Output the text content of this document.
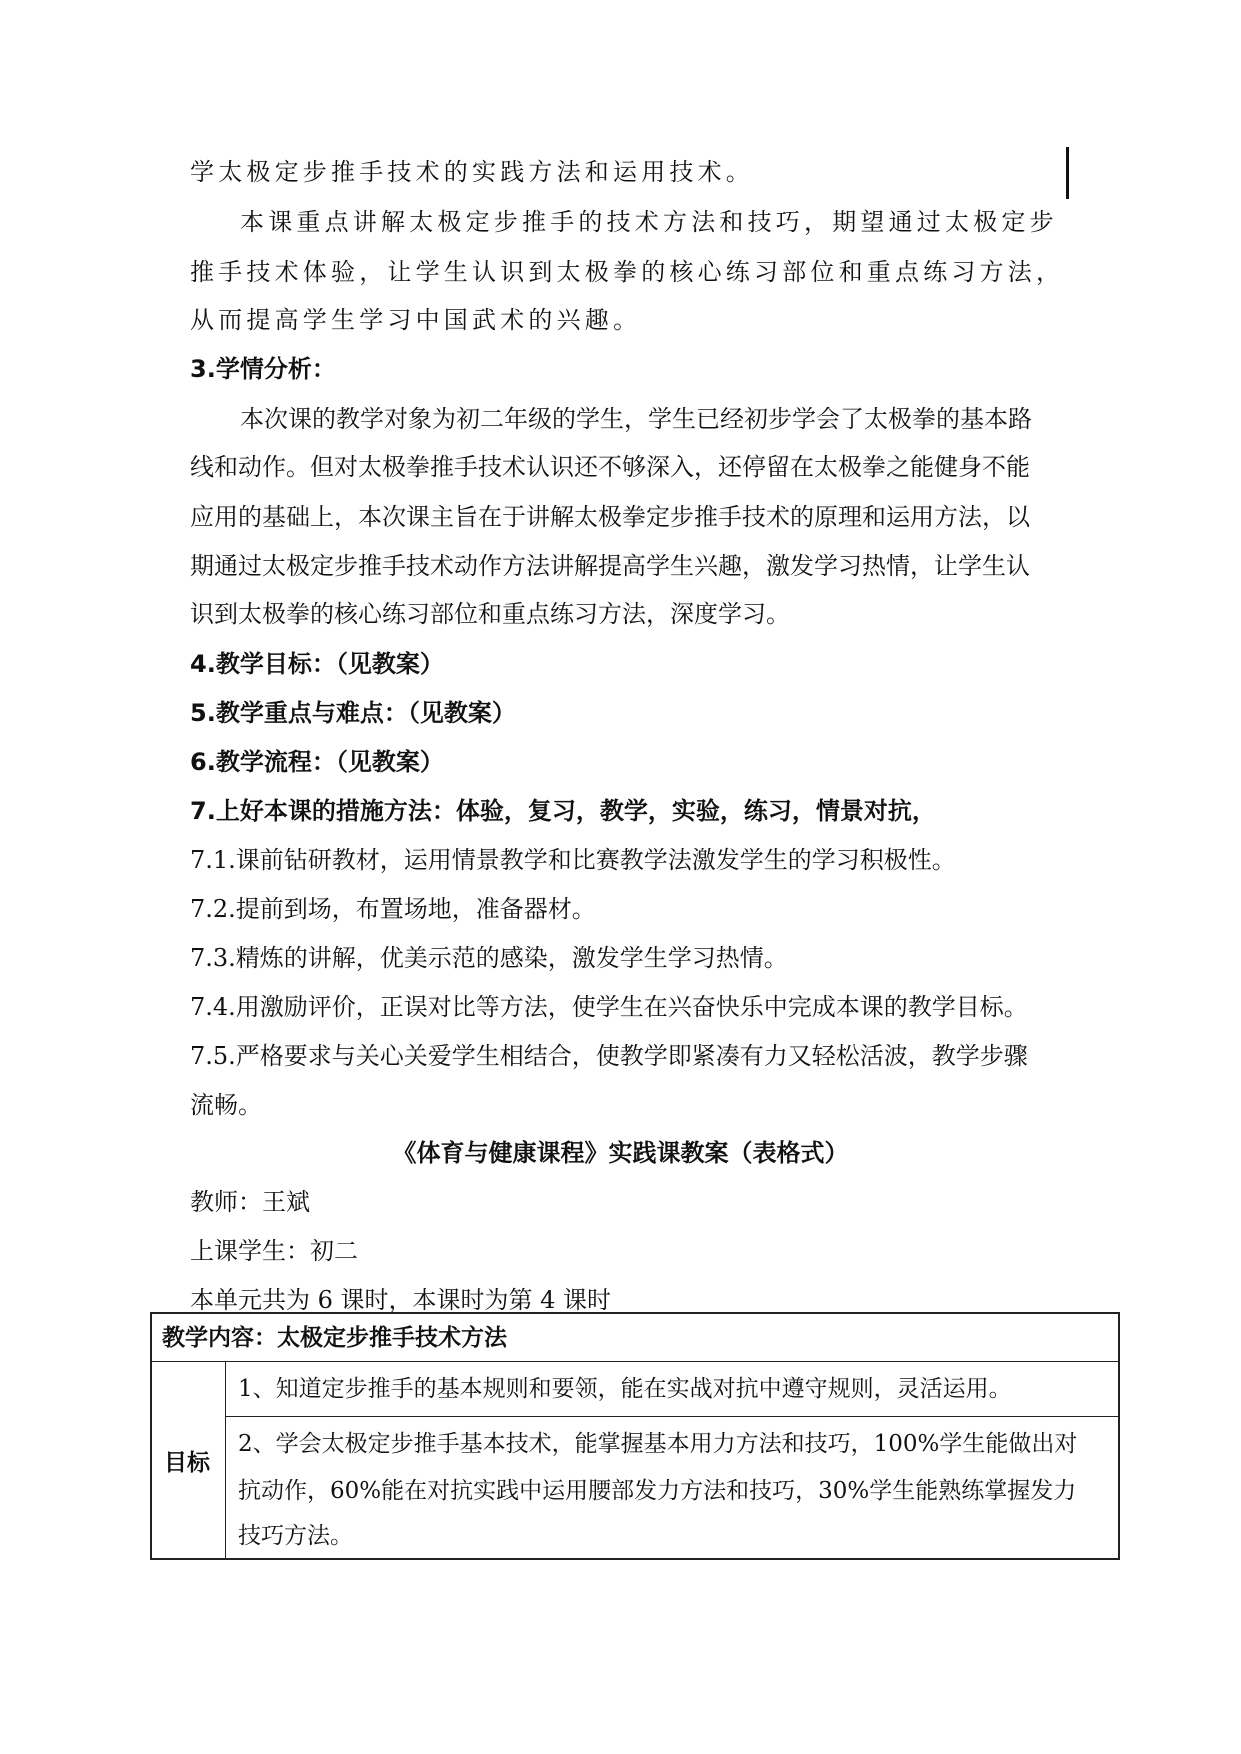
学太极定步推手技术的实践方法和运用技术。
本课重点讲解太极定步推手的技术方法和技巧，期望通过太极定步
推手技术体验，让学生认识到太极拳的核心练习部位和重点练习方法，
从而提高学生学习中国武术的兴趣。
3.学情分析：
本次课的教学对象为初二年级的学生，学生已经初步学会了太极拳的基本路
线和动作。但对太极拳推手技术认识还不够深入，还停留在太极拳之能健身不能
应用的基础上，本次课主旨在于讲解太极拳定步推手技术的原理和运用方法，以
期通过太极定步推手技术动作方法讲解提高学生兴趣，激发学习热情，让学生认
识到太极拳的核心练习部位和重点练习方法，深度学习。
4.教学目标：（见教案）
5.教学重点与难点：（见教案）
6.教学流程：（见教案）
7.上好本课的措施方法：体验，复习，教学，实验，练习，情景对抗，
7.1.课前钻研教材，运用情景教学和比赛教学法激发学生的学习积极性。
7.2.提前到场，布置场地，准备器材。
7.3.精炼的讲解，优美示范的感染，激发学生学习热情。
7.4.用激励评价，正误对比等方法，使学生在兴奋快乐中完成本课的教学目标。
7.5.严格要求与关心关爱学生相结合，使教学即紧凑有力又轻松活波，教学步骤
流畅。
《体育与健康课程》实践课教案（表格式）
教师：王斌
上课学生：初二
本单元共为 6 课时，本课时为第 4 课时
教学内容：太极定步推手技术方法
目标
1、知道定步推手的基本规则和要领，能在实战对抗中遵守规则，灵活运用。
2、学会太极定步推手基本技术，能掌握基本用力方法和技巧，100%学生能做出对
抗动作，60%能在对抗实践中运用腰部发力方法和技巧，30%学生能熟练掌握发力
技巧方法。
